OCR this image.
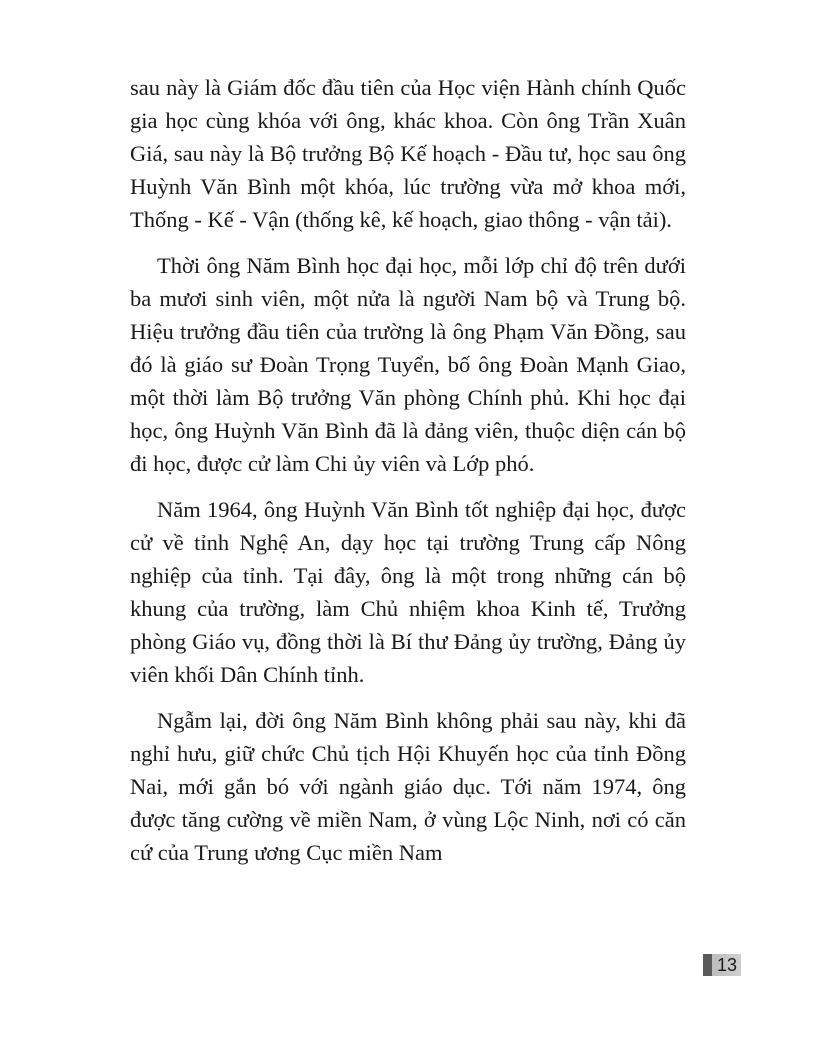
sau này là Giám đốc đầu tiên của Học viện Hành chính Quốc gia học cùng khóa với ông, khác khoa. Còn ông Trần Xuân Giá, sau này là Bộ trưởng Bộ Kế hoạch - Đầu tư, học sau ông Huỳnh Văn Bình một khóa, lúc trường vừa mở khoa mới, Thống - Kế - Vận (thống kê, kế hoạch, giao thông - vận tải).

Thời ông Năm Bình học đại học, mỗi lớp chỉ độ trên dưới ba mươi sinh viên, một nửa là người Nam bộ và Trung bộ. Hiệu trưởng đầu tiên của trường là ông Phạm Văn Đồng, sau đó là giáo sư Đoàn Trọng Tuyển, bố ông Đoàn Mạnh Giao, một thời làm Bộ trưởng Văn phòng Chính phủ. Khi học đại học, ông Huỳnh Văn Bình đã là đảng viên, thuộc diện cán bộ đi học, được cử làm Chi ủy viên và Lớp phó.

Năm 1964, ông Huỳnh Văn Bình tốt nghiệp đại học, được cử về tỉnh Nghệ An, dạy học tại trường Trung cấp Nông nghiệp của tỉnh. Tại đây, ông là một trong những cán bộ khung của trường, làm Chủ nhiệm khoa Kinh tế, Trưởng phòng Giáo vụ, đồng thời là Bí thư Đảng ủy trường, Đảng ủy viên khối Dân Chính tỉnh.

Ngẫm lại, đời ông Năm Bình không phải sau này, khi đã nghỉ hưu, giữ chức Chủ tịch Hội Khuyến học của tỉnh Đồng Nai, mới gắn bó với ngành giáo dục. Tới năm 1974, ông được tăng cường về miền Nam, ở vùng Lộc Ninh, nơi có căn cứ của Trung ương Cục miền Nam

13
